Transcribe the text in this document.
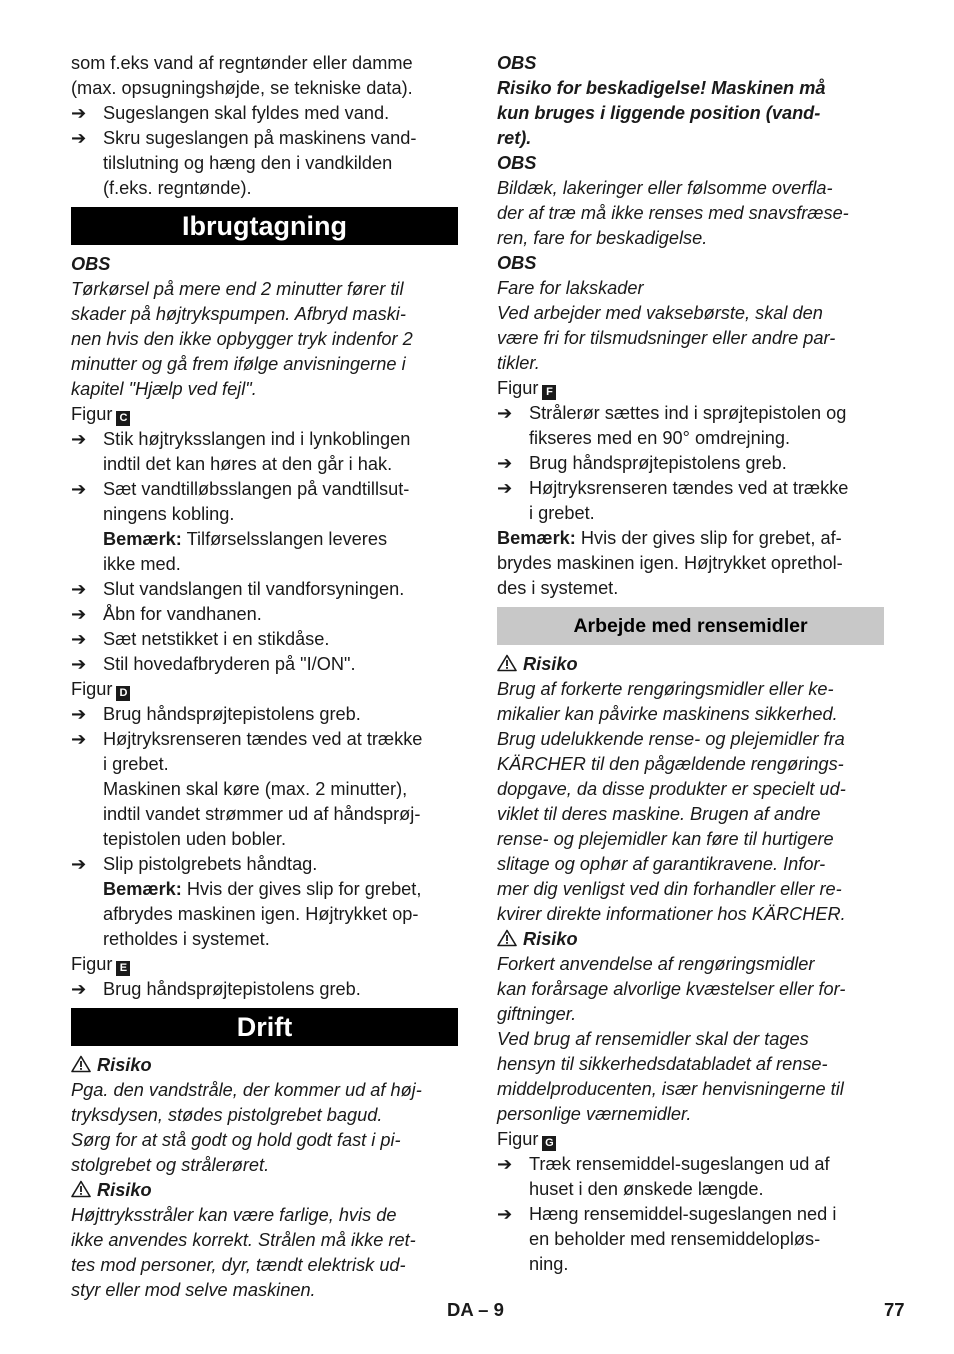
som f.eks vand af regntønder eller damme
(max. opsugningshøjde, se tekniske data).

➔ Sugeslangen skal fyldes med vand.
➔ Skru sugeslangen på maskinens vand-
tilslutning og hæng den i vandkilden
(f.eks. regntønde).
Ibrugtagning

OBS

Tørkørsel på mere end 2 minutter fører til
skader på højtrykspumpen. Afbryd maski-
nen hvis den ikke opbygger tryk indenfor 2
minutter og gå frem ifølge anvisningerne i
kapitel "Hjælp ved fejl".

Figur C

➔ Stik højtryksslangen ind i lynkoblingen
indtil det kan høres at den går i hak.
➔ Sæt vandtilløbsslangen på vandtillsut-
ningens kobling.
Bemærk: Tilførselsslangen leveres
ikke med.
➔ Slut vandslangen til vandforsyningen.
➔ Åbn for vandhanen.
➔ Sæt netstikket i en stikdåse.
➔ Stil hovedafbryderen på "I/ON".

Figur D

➔ Brug håndsprøjtepistolens greb.
➔ Højtryksrenseren tændes ved at trække
i grebet.
Maskinen skal køre (max. 2 minutter),
indtil vandet strømmer ud af håndsprøj-
tepistolen uden bobler.
➔ Slip pistolgrebets håndtag.
Bemærk: Hvis der gives slip for grebet,
afbrydes maskinen igen. Højtrykket op-
retholdes i systemet.

Figur E

➔ Brug håndsprøjtepistolens greb.
Drift

Risiko

Pga. den vandstråle, der kommer ud af høj-
tryksdysen, stødes pistolgrebet bagud.
Sørg for at stå godt og hold godt fast i pi-
stolgrebet og strålerøret.

Risiko

Højttryksstråler kan være farlige, hvis de
ikke anvendes korrekt. Strålen må ikke ret-
tes mod personer, dyr, tændt elektrisk ud-
styr eller mod selve maskinen.

OBS

Risiko for beskadigelse! Maskinen må
kun bruges i liggende position (vand-
ret).

OBS

Bildæk, lakeringer eller følsomme overfla-
der af træ må ikke renses med snavsfræse-
ren, fare for beskadigelse.

OBS

Fare for lakskader
Ved arbejder med vaksebørste, skal den
være fri for tilsmudsninger eller andre par-
tikler.

Figur F

➔ Strålerør sættes ind i sprøjtepistolen og
fikseres med en 90° omdrejning.
➔ Brug håndsprøjtepistolens greb.
➔ Højtryksrenseren tændes ved at trække
i grebet.

Bemærk: Hvis der gives slip for grebet, af-
brydes maskinen igen. Højtrykket oprethol-
des i systemet.

Arbejde med rensemidler

Risiko

Brug af forkerte rengøringsmidler eller ke-
mikalier kan påvirke maskinens sikkerhed.
Brug udelukkende rense- og plejemidler fra
KÄRCHER til den pågældende rengørings-
dopgave, da disse produkter er specielt ud-
viklet til deres maskine. Brugen af andre
rense- og plejemidler kan føre til hurtigere
slitage og ophør af garantikravene. Infor-
mer dig venligst ved din forhandler eller re-
kvirer direkte informationer hos KÄRCHER.

Risiko

Forkert anvendelse af rengøringsmidler
kan forårsage alvorlige kvæstelser eller for-
giftninger.
Ved brug af rensemidler skal der tages
hensyn til sikkerhedsdatabladet af rense-
middelproducenten, især henvisningerne til
personlige værnemidler.

Figur G

➔ Træk rensemiddel-sugeslangen ud af
huset i den ønskede længde.
➔ Hæng rensemiddel-sugeslangen ned i
en beholder med rensemiddelopløs-
ning.
DA – 9	77
